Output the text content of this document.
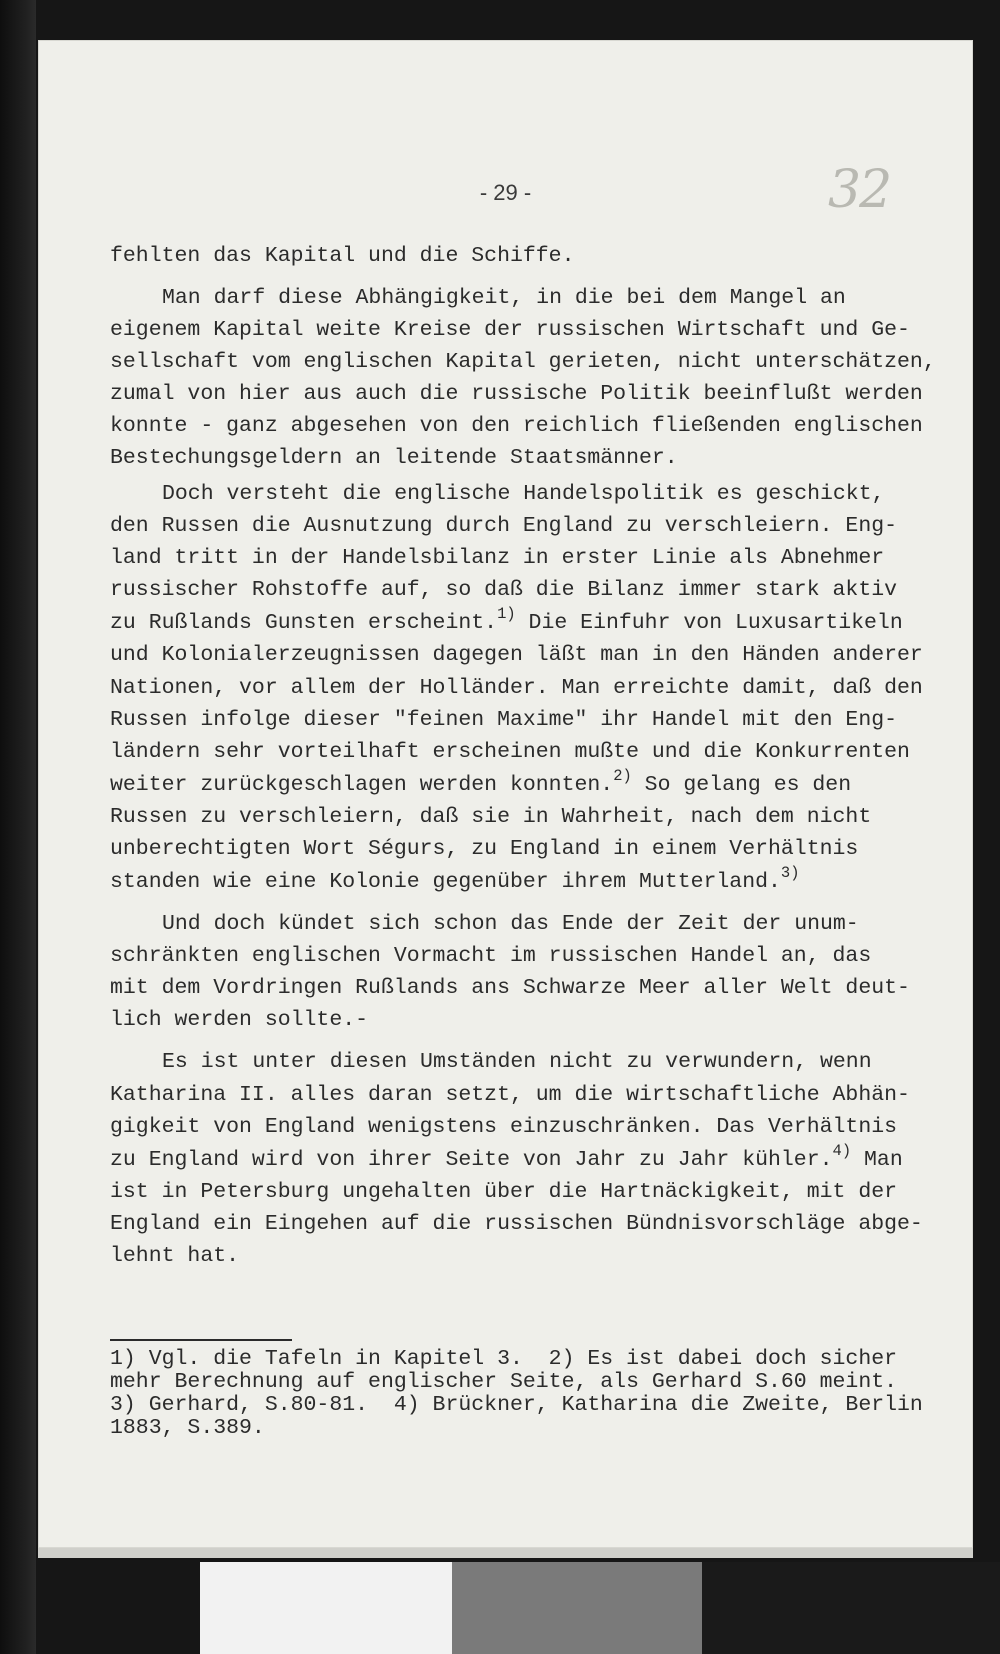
- 29 -	32
fehlten das Kapital und die Schiffe.
Man darf diese Abhängigkeit, in die bei dem Mangel an
eigenem Kapital weite Kreise der russischen Wirtschaft und Ge-
sellschaft vom englischen Kapital gerieten, nicht unterschätzen,
zumal von hier aus auch die russische Politik beeinflußt werden
konnte - ganz abgesehen von den reichlich fließenden englischen
Bestechungsgeldern an leitende Staatsmänner.
Doch versteht die englische Handelspolitik es geschickt,
den Russen die Ausnutzung durch England zu verschleiern. Eng-
land tritt in der Handelsbilanz in erster Linie als Abnehmer
russischer Rohstoffe auf, so daß die Bilanz immer stark aktiv
zu Rußlands Gunsten erscheint.$^{1)}$ Die Einfuhr von Luxusartikeln
und Kolonialerzeugnissen dagegen läßt man in den Händen anderer
Nationen, vor allem der Holländer. Man erreichte damit, daß den
Russen infolge dieser "feinen Maxime" ihr Handel mit den Eng-
ländern sehr vorteilhaft erscheinen mußte und die Konkurrenten
weiter zurückgeschlagen werden konnten.$^{2)}$ So gelang es den
Russen zu verschleiern, daß sie in Wahrheit, nach dem nicht
unberechtigten Wort Ségurs, zu England in einem Verhältnis
standen wie eine Kolonie gegenüber ihrem Mutterland.$^{3)}$
Und doch kündet sich schon das Ende der Zeit der unum-
schränkten englischen Vormacht im russischen Handel an, das
mit dem Vordringen Rußlands ans Schwarze Meer aller Welt deut-
lich werden sollte.-
Es ist unter diesen Umständen nicht zu verwundern, wenn
Katharina II. alles daran setzt, um die wirtschaftliche Abhän-
gigkeit von England wenigstens einzuschränken. Das Verhältnis
zu England wird von ihrer Seite von Jahr zu Jahr kühler.$^{4)}$ Man
ist in Petersburg ungehalten über die Hartnäckigkeit, mit der
England ein Eingehen auf die russischen Bündnisvorschläge abge-
lehnt hat.
1) Vgl. die Tafeln in Kapitel 3.  2) Es ist dabei doch sicher
mehr Berechnung auf englischer Seite, als Gerhard S.60 meint.
3) Gerhard, S.80-81.  4) Brückner, Katharina die Zweite, Berlin
1883, S.389.
